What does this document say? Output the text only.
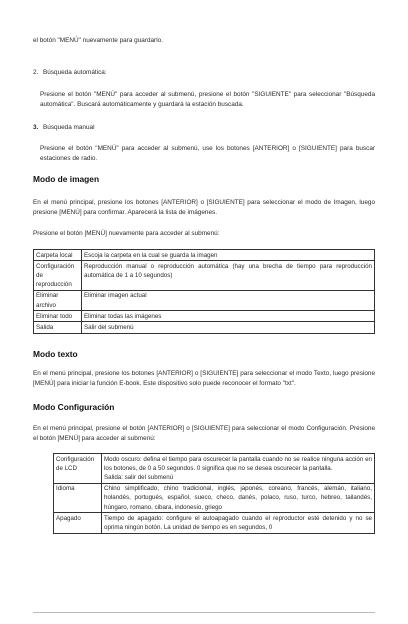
el botón "MENÚ" nuevamente para guardarlo.

2. Búsqueda automática:

Presione el botón "MENÚ" para acceder al submenú, presione el botón "SIGUIENTE" para seleccionar "Búsqueda automática". Buscará automáticamente y guardará la estación buscada.

3. Búsqueda manual

Presione el botón "MENÚ" para acceder al submenú, use los botones [ANTERIOR] o [SIGUIENTE] para buscar estaciones de radio.

Modo de imagen

En el menú principal, presione los botones [ANTERIOR] o [SIGUIENTE] para seleccionar el modo de Imagen, luego presione [MENÚ] para confirmar. Aparecerá la lista de imágenes.

Presione el botón [MENÚ] nuevamente para acceder al submenú:

Carpeta local	Escoja la carpeta en la cual se guarda la imagen
Configuración de reproducción	Reproducción manual o reproducción automática (hay una brecha de tiempo para reproducción automática de 1 a 10 segundos)
Eliminar archivo	Eliminar imagen actual
Eliminar todo	Eliminar todas las imágenes
Salida	Salir del submenú
Modo texto

En el menú principal, presione los botones [ANTERIOR] o [SIGUIENTE] para seleccionar el modo Texto, luego presione [MENÚ] para iniciar la función E-book. Este dispositivo solo puede reconocer el formato "txt".

Modo Configuración

En el menú principal, presione el botón [ANTERIOR] o [SIGUIENTE] para seleccionar el modo Configuración. Presione el botón [MENÚ] para acceder al submenú:

Configuración de LCD	Modo oscuro: defina el tiempo para oscurecer la pantalla cuando no se realice ninguna acción en los botones, de 0 a 50 segundos. 0 significa que no se desea oscurecer la pantalla.
Salida: salir del submenú

Idioma	Chino simplificado, chino tradicional, inglés, japonés, coreano, francés, alemán, italiano, holandés, portugués, español, sueco, checo, danés, polaco, ruso, turco, hebreo, tailandés, húngaro, romano, cibara, indonesio, griego
Apagado	Tiempo de apagado: configure el autoapagado cuando el reproductor esté detenido y no se oprima ningún botón. La unidad de tiempo es en segundos, 0
